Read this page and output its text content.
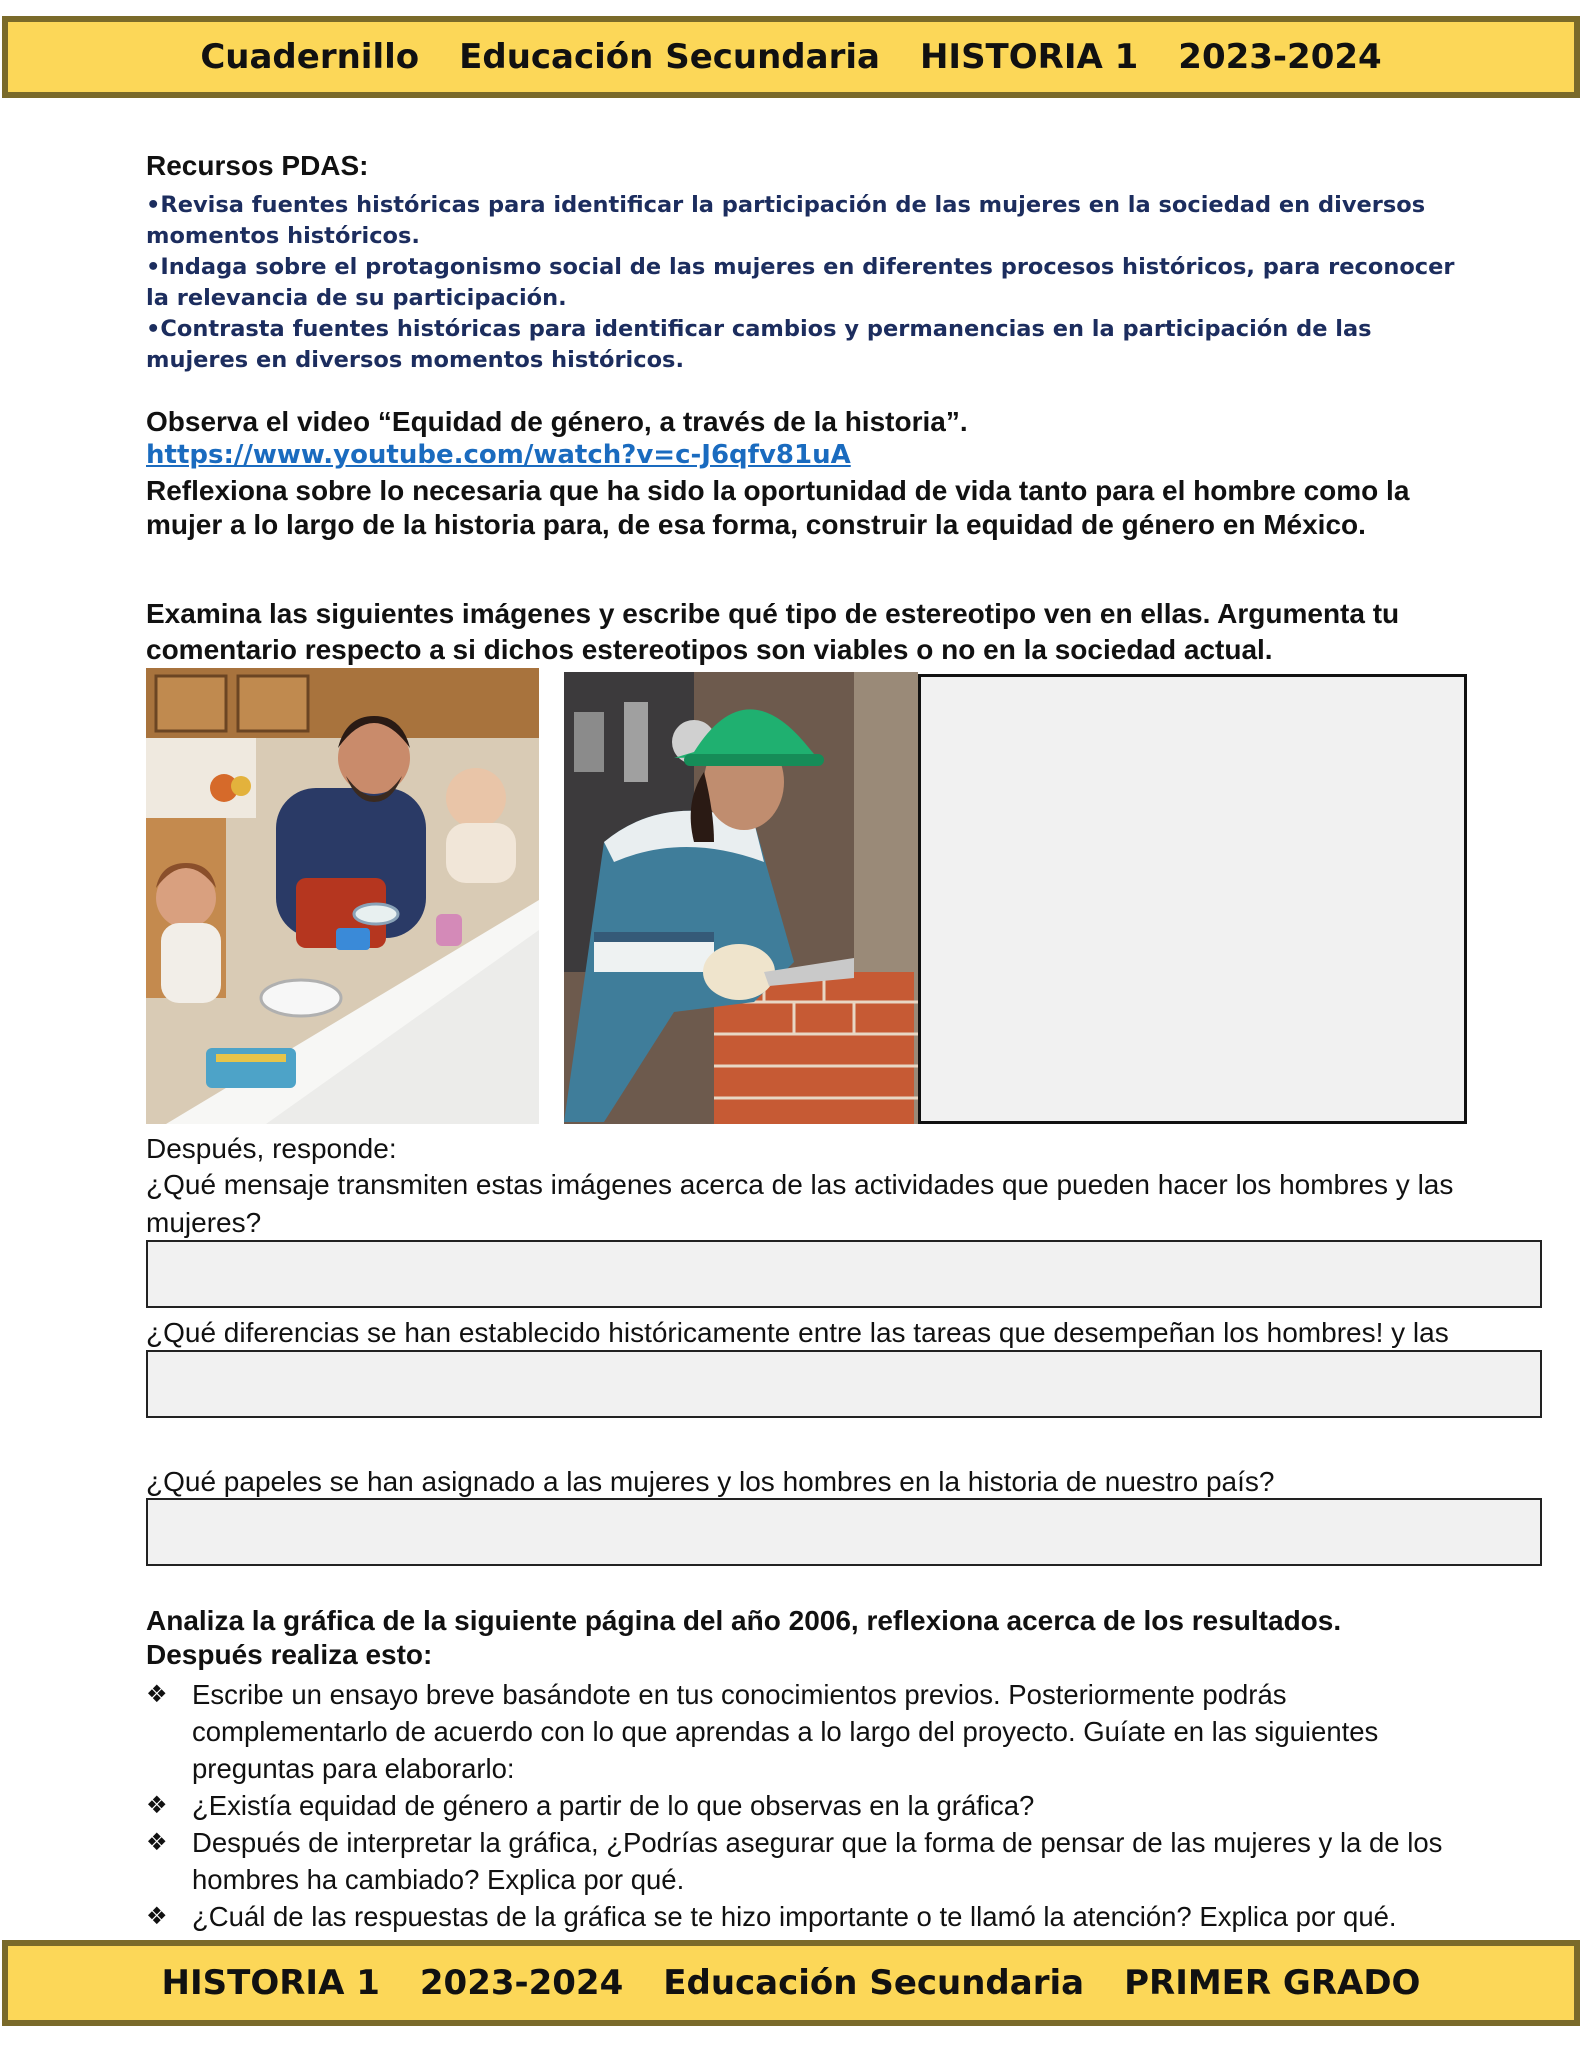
Cuadernillo Educación Secundaria HISTORIA 1 2023-2024
Recursos PDAS:
• Revisa fuentes históricas para identificar la participación de las mujeres en la sociedad en diversos momentos históricos.
• Indaga sobre el protagonismo social de las mujeres en diferentes procesos históricos, para reconocer la relevancia de su participación.
• Contrasta fuentes históricas para identificar cambios y permanencias en la participación de las mujeres en diversos momentos históricos.
Observa el video “Equidad de género, a través de la historia”.
https://www.youtube.com/watch?v=c-J6qfv81uA
Reflexiona sobre lo necesaria que ha sido la oportunidad de vida tanto para el hombre como la mujer a lo largo de la historia para, de esa forma, construir la equidad de género en México.
Examina las siguientes imágenes y escribe qué tipo de estereotipo ven en ellas. Argumenta tu comentario respecto a si dichos estereotipos son viables o no en la sociedad actual.
Después, responde:
¿Qué mensaje transmiten estas imágenes acerca de las actividades que pueden hacer los hombres y las mujeres?
¿Qué diferencias se han establecido históricamente entre las tareas que desempeñan los hombres! y las
¿Qué papeles se han asignado a las mujeres y los hombres en la historia de nuestro país?
Analiza la gráfica de la siguiente página del año 2006, reflexiona acerca de los resultados.
Después realiza esto:
❖ Escribe un ensayo breve basándote en tus conocimientos previos. Posteriormente podrás complementarlo de acuerdo con lo que aprendas a lo largo del proyecto. Guíate en las siguientes preguntas para elaborarlo:
❖ ¿Existía equidad de género a partir de lo que observas en la gráfica?
❖ Después de interpretar la gráfica, ¿Podrías asegurar que la forma de pensar de las mujeres y la de los hombres ha cambiado? Explica por qué.
❖ ¿Cuál de las respuestas de la gráfica se te hizo importante o te llamó la atención? Explica por qué.
HISTORIA 1 2023-2024 Educación Secundaria PRIMER GRADO
